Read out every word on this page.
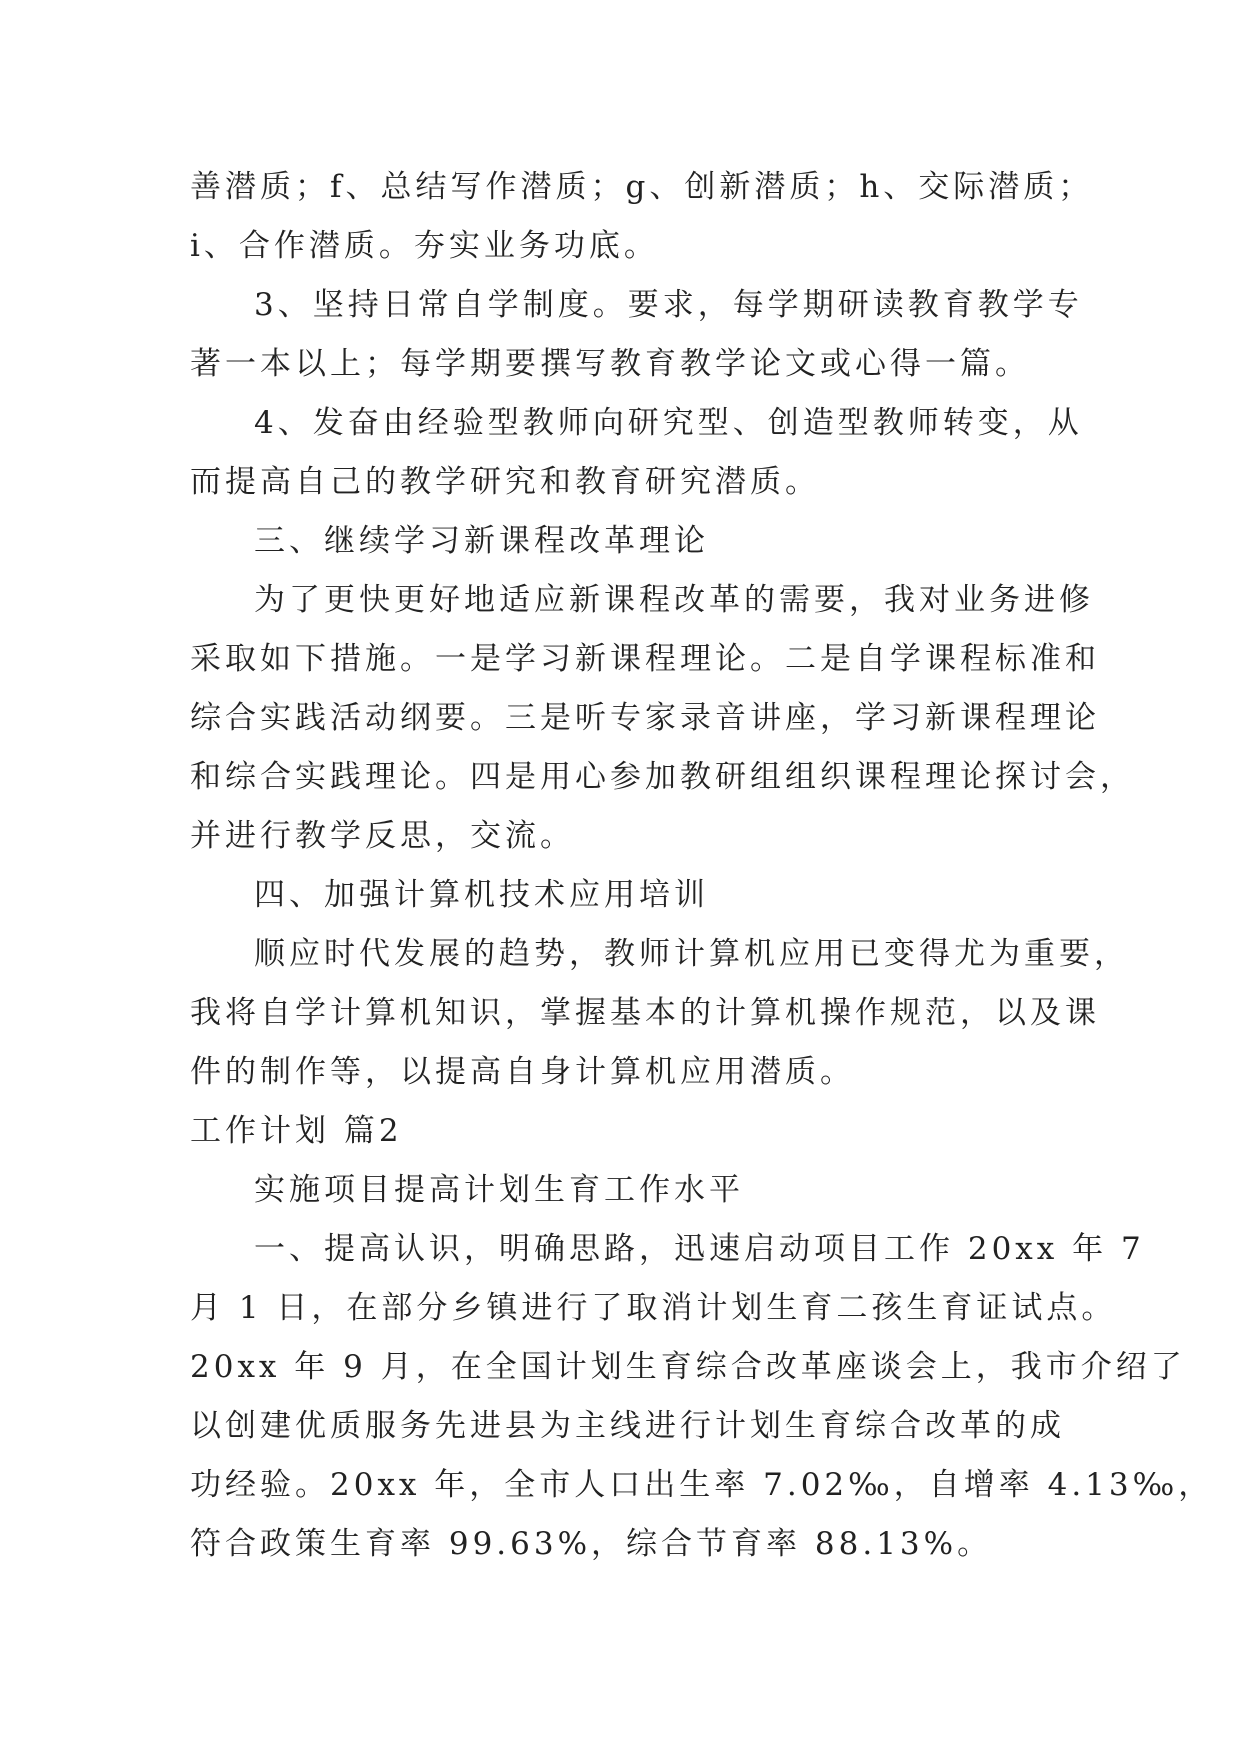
善潜质；f、总结写作潜质；g、创新潜质；h、交际潜质；
i、合作潜质。夯实业务功底。
3、坚持日常自学制度。要求，每学期研读教育教学专
著一本以上；每学期要撰写教育教学论文或心得一篇。
4、发奋由经验型教师向研究型、创造型教师转变，从
而提高自己的教学研究和教育研究潜质。
三、继续学习新课程改革理论
为了更快更好地适应新课程改革的需要，我对业务进修
采取如下措施。一是学习新课程理论。二是自学课程标准和
综合实践活动纲要。三是听专家录音讲座，学习新课程理论
和综合实践理论。四是用心参加教研组组织课程理论探讨会，
并进行教学反思，交流。
四、加强计算机技术应用培训
顺应时代发展的趋势，教师计算机应用已变得尤为重要，
我将自学计算机知识，掌握基本的计算机操作规范，以及课
件的制作等，以提高自身计算机应用潜质。
工作计划 篇2
实施项目提高计划生育工作水平
一、提高认识，明确思路，迅速启动项目工作 20xx 年 7
月 1 日，在部分乡镇进行了取消计划生育二孩生育证试点。
20xx 年 9 月，在全国计划生育综合改革座谈会上，我市介绍了
以创建优质服务先进县为主线进行计划生育综合改革的成
功经验。20xx 年，全市人口出生率 7.02‰，自增率 4.13‰，
符合政策生育率 99.63%，综合节育率 88.13%。
